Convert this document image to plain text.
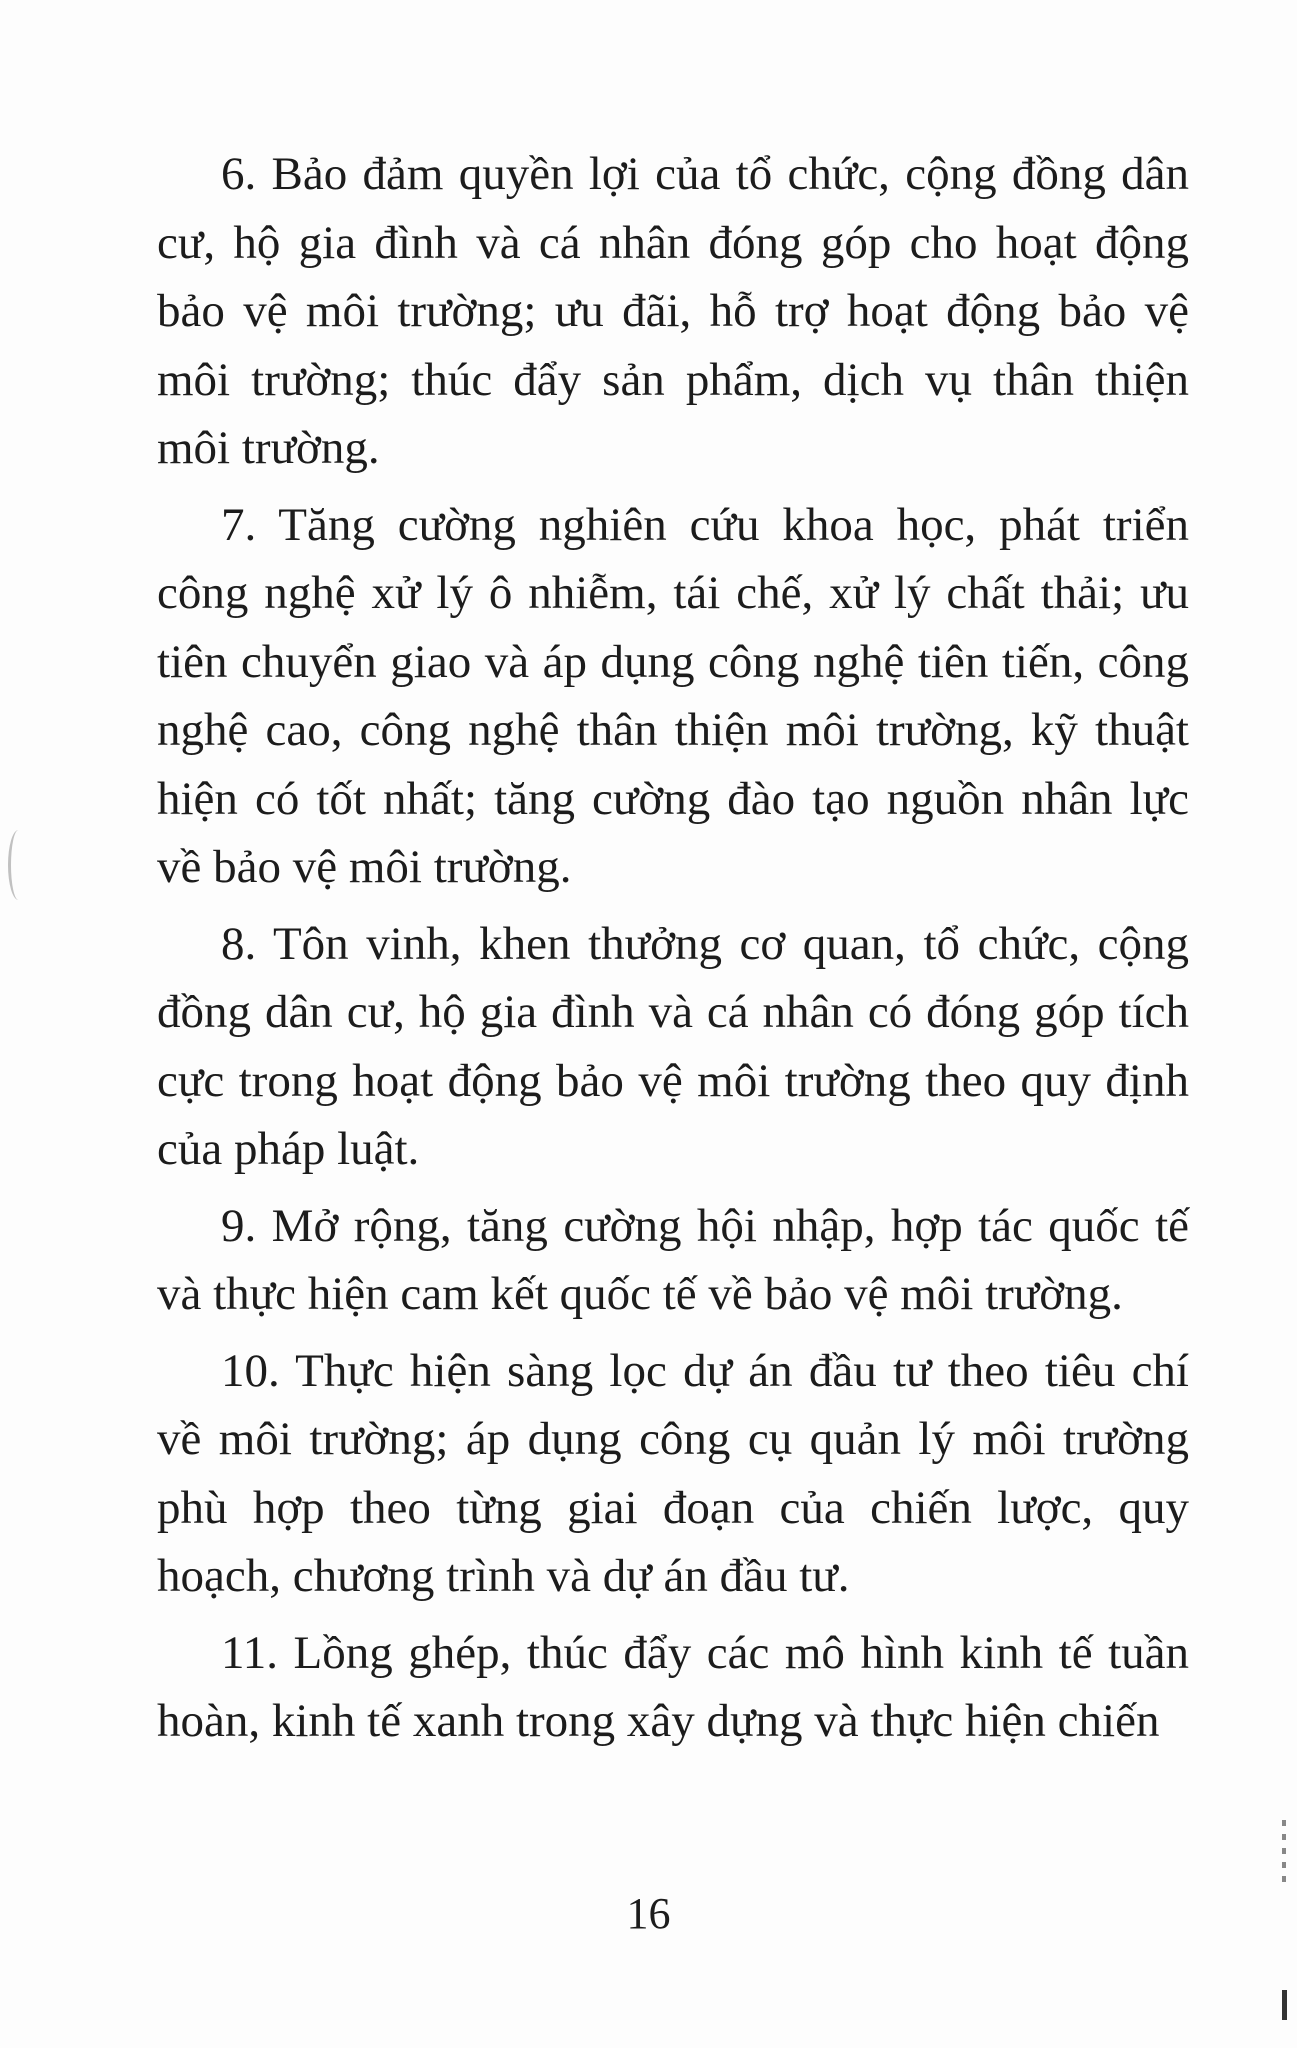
6. Bảo đảm quyền lợi của tổ chức, cộng đồng dân cư, hộ gia đình và cá nhân đóng góp cho hoạt động bảo vệ môi trường; ưu đãi, hỗ trợ hoạt động bảo vệ môi trường; thúc đẩy sản phẩm, dịch vụ thân thiện môi trường.

7. Tăng cường nghiên cứu khoa học, phát triển công nghệ xử lý ô nhiễm, tái chế, xử lý chất thải; ưu tiên chuyển giao và áp dụng công nghệ tiên tiến, công nghệ cao, công nghệ thân thiện môi trường, kỹ thuật hiện có tốt nhất; tăng cường đào tạo nguồn nhân lực về bảo vệ môi trường.

8. Tôn vinh, khen thưởng cơ quan, tổ chức, cộng đồng dân cư, hộ gia đình và cá nhân có đóng góp tích cực trong hoạt động bảo vệ môi trường theo quy định của pháp luật.

9. Mở rộng, tăng cường hội nhập, hợp tác quốc tế và thực hiện cam kết quốc tế về bảo vệ môi trường.

10. Thực hiện sàng lọc dự án đầu tư theo tiêu chí về môi trường; áp dụng công cụ quản lý môi trường phù hợp theo từng giai đoạn của chiến lược, quy hoạch, chương trình và dự án đầu tư.

11. Lồng ghép, thúc đẩy các mô hình kinh tế tuần hoàn, kinh tế xanh trong xây dựng và thực hiện chiến

16
